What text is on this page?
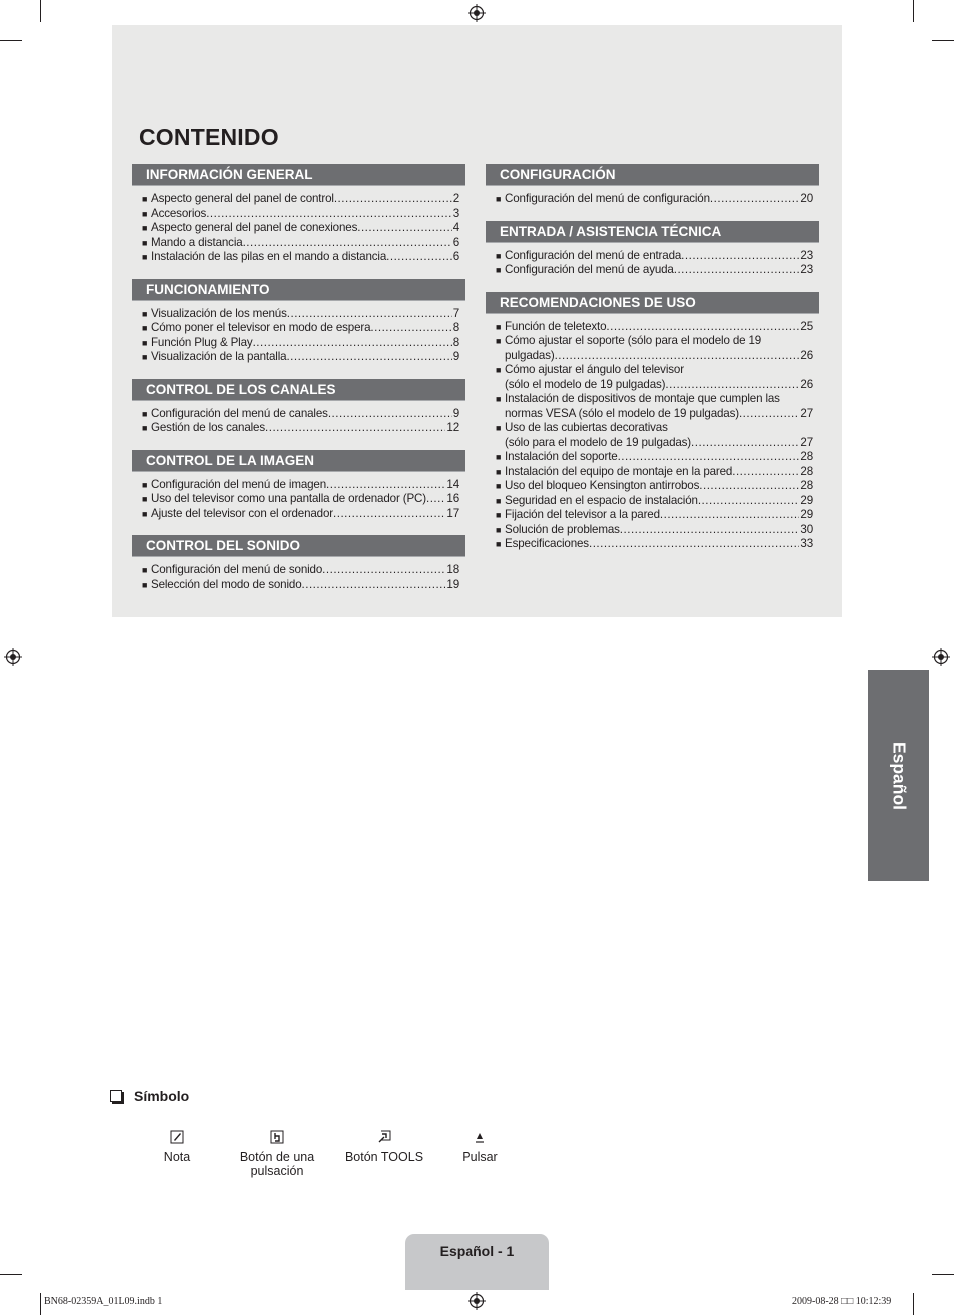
CONTENIDO
INFORMACIÓN GENERAL
■ Aspecto general del panel de control .....	2
■ Accesorios .....	3
■ Aspecto general del panel de conexiones .....	4
■ Mando a distancia .....	6
■ Instalación de las pilas en el mando a distancia .....	6
FUNCIONAMIENTO
■ Visualización de los menús .....	7
■ Cómo poner el televisor en modo de espera .....	8
■ Función Plug & Play .....	8
■ Visualización de la pantalla .....	9
CONTROL DE LOS CANALES
■ Configuración del menú de canales .....	9
■ Gestión de los canales .....	12
CONTROL DE LA IMAGEN
■ Configuración del menú de imagen .....	14
■ Uso del televisor como una pantalla de ordenador (PC) ..... 16
■ Ajuste del televisor con el ordenador .....	17
CONTROL DEL SONIDO
■ Configuración del menú de sonido .....	18
■ Selección del modo de sonido .....	19
CONFIGURACIÓN
■ Configuración del menú de configuración .....	20
ENTRADA / ASISTENCIA TÉCNICA
■ Configuración del menú de entrada .....	23
■ Configuración del menú de ayuda .....	23
RECOMENDACIONES DE USO
■ Función de teletexto .....	25
■ Cómo ajustar el soporte (sólo para el modelo de 19
pulgadas) .....	26
■ Cómo ajustar el ángulo del televisor
(sólo el modelo de 19 pulgadas) .....	26
■ Instalación de dispositivos de montaje que cumplen las
normas VESA (sólo el modelo de 19 pulgadas) .....	27
■ Uso de las cubiertas decorativas
(sólo para el modelo de 19 pulgadas) .....	27
■ Instalación del soporte .....	28
■ Instalación del equipo de montaje en la pared .....	28
■ Uso del bloqueo Kensington antirrobos .....	28
■ Seguridad en el espacio de instalación .....	29
■ Fijación del televisor a la pared .....	29
■ Solución de problemas .....	30
■ Especificaciones .....	33
Español
Símbolo
Nota	Botón de una pulsación
Botón TOOLS	Pulsar
Español - 1
BN68-02359A_01L09.indb 1	2009-08-28 □□ 10:12:39
